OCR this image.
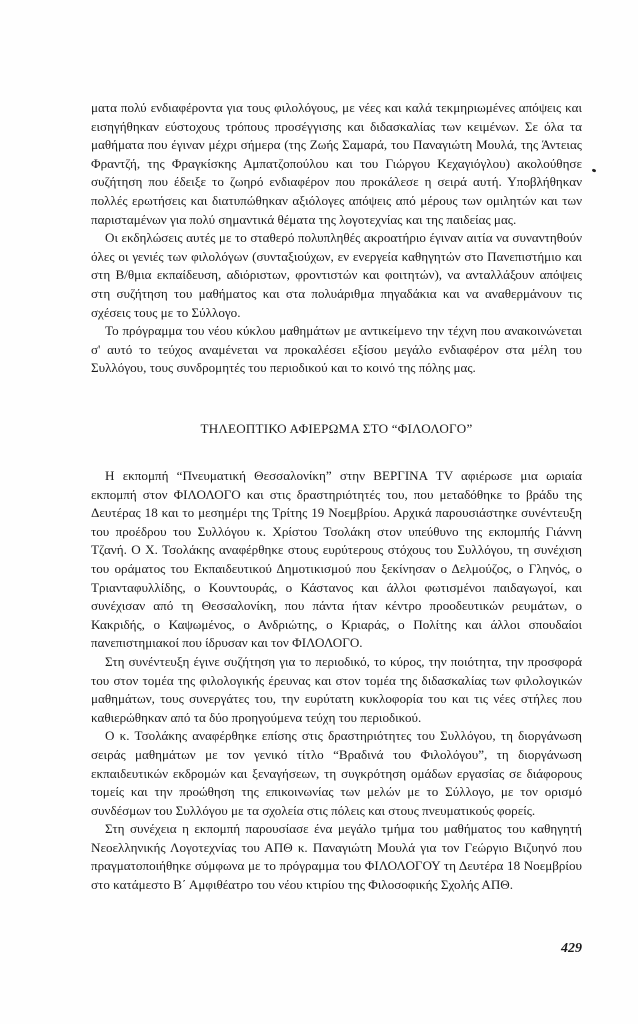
ματα πολύ ενδιαφέροντα για τους φιλολόγους, με νέες και καλά τεκμηριωμένες απόψεις και εισηγήθηκαν εύστοχους τρόπους προσέγγισης και διδασκαλίας των κειμένων. Σε όλα τα μαθήματα που έγιναν μέχρι σήμερα (της Ζωής Σαμαρά, του Παναγιώτη Μουλά, της Άντειας Φραντζή, της Φραγκίσκης Αμπατζοπούλου και του Γιώργου Κεχαγιόγλου) ακολούθησε συζήτηση που έδειξε το ζωηρό ενδιαφέρον που προκάλεσε η σειρά αυτή. Υποβλήθηκαν πολλές ερωτήσεις και διατυπώθηκαν αξιόλογες απόψεις από μέρους των ομιλητών και των παρισταμένων για πολύ σημαντικά θέματα της λογοτεχνίας και της παιδείας μας.

Οι εκδηλώσεις αυτές με το σταθερό πολυπληθές ακροατήριο έγιναν αιτία να συναντηθούν όλες οι γενιές των φιλολόγων (συνταξιούχων, εν ενεργεία καθηγητών στο Πανεπιστήμιο και στη Β/θμια εκπαίδευση, αδιόριστων, φροντιστών και φοιτητών), να ανταλλάξουν απόψεις στη συζήτηση του μαθήματος και στα πολυάριθμα πηγαδάκια και να αναθερμάνουν τις σχέσεις τους με το Σύλλογο.

Το πρόγραμμα του νέου κύκλου μαθημάτων με αντικείμενο την τέχνη που ανακοινώνεται σ' αυτό το τεύχος αναμένεται να προκαλέσει εξίσου μεγάλο ενδιαφέρον στα μέλη του Συλλόγου, τους συνδρομητές του περιοδικού και το κοινό της πόλης μας.

ΤΗΛΕΟΠΤΙΚΟ ΑΦΙΕΡΩΜΑ ΣΤΟ “ΦΙΛΟΛΟΓΟ”

Η εκπομπή “Πνευματική Θεσσαλονίκη” στην ΒΕΡΓΙΝΑ TV αφιέρωσε μια ωριαία εκπομπή στον ΦΙΛΟΛΟΓΟ και στις δραστηριότητές του, που μεταδόθηκε το βράδυ της Δευτέρας 18 και το μεσημέρι της Τρίτης 19 Νοεμβρίου. Αρχικά παρουσιάστηκε συνέντευξη του προέδρου του Συλλόγου κ. Χρίστου Τσολάκη στον υπεύθυνο της εκπομπής Γιάννη Τζανή. Ο Χ. Τσολάκης αναφέρθηκε στους ευρύτερους στόχους του Συλλόγου, τη συνέχιση του οράματος του Εκπαιδευτικού Δημοτικισμού που ξεκίνησαν ο Δελμούζος, ο Γληνός, ο Τριανταφυλλίδης, ο Κουντουράς, ο Κάστανος και άλλοι φωτισμένοι παιδαγωγοί, και συνέχισαν από τη Θεσσαλονίκη, που πάντα ήταν κέντρο προοδευτικών ρευμάτων, ο Κακριδής, ο Καψωμένος, ο Ανδριώτης, ο Κριαράς, ο Πολίτης και άλλοι σπουδαίοι πανεπιστημιακοί που ίδρυσαν και τον ΦΙΛΟΛΟΓΟ.

Στη συνέντευξη έγινε συζήτηση για το περιοδικό, το κύρος, την ποιότητα, την προσφορά του στον τομέα της φιλολογικής έρευνας και στον τομέα της διδασκαλίας των φιλολογικών μαθημάτων, τους συνεργάτες του, την ευρύτατη κυκλοφορία του και τις νέες στήλες που καθιερώθηκαν από τα δύο προηγούμενα τεύχη του περιοδικού.

Ο κ. Τσολάκης αναφέρθηκε επίσης στις δραστηριότητες του Συλλόγου, τη διοργάνωση σειράς μαθημάτων με τον γενικό τίτλο “Βραδινά του Φιλολόγου”, τη διοργάνωση εκπαιδευτικών εκδρομών και ξεναγήσεων, τη συγκρότηση ομάδων εργασίας σε διάφορους τομείς και την προώθηση της επικοινωνίας των μελών με το Σύλλογο, με τον ορισμό συνδέσμων του Συλλόγου με τα σχολεία στις πόλεις και στους πνευματικούς φορείς.

Στη συνέχεια η εκπομπή παρουσίασε ένα μεγάλο τμήμα του μαθήματος του καθηγητή Νεοελληνικής Λογοτεχνίας του ΑΠΘ κ. Παναγιώτη Μουλά για τον Γεώργιο Βιζυηνό που πραγματοποιήθηκε σύμφωνα με το πρόγραμμα του ΦΙΛΟΛΟΓΟΥ τη Δευτέρα 18 Νοεμβρίου στο κατάμεστο Β΄ Αμφιθέατρο του νέου κτιρίου της Φιλοσοφικής Σχολής ΑΠΘ.

429
